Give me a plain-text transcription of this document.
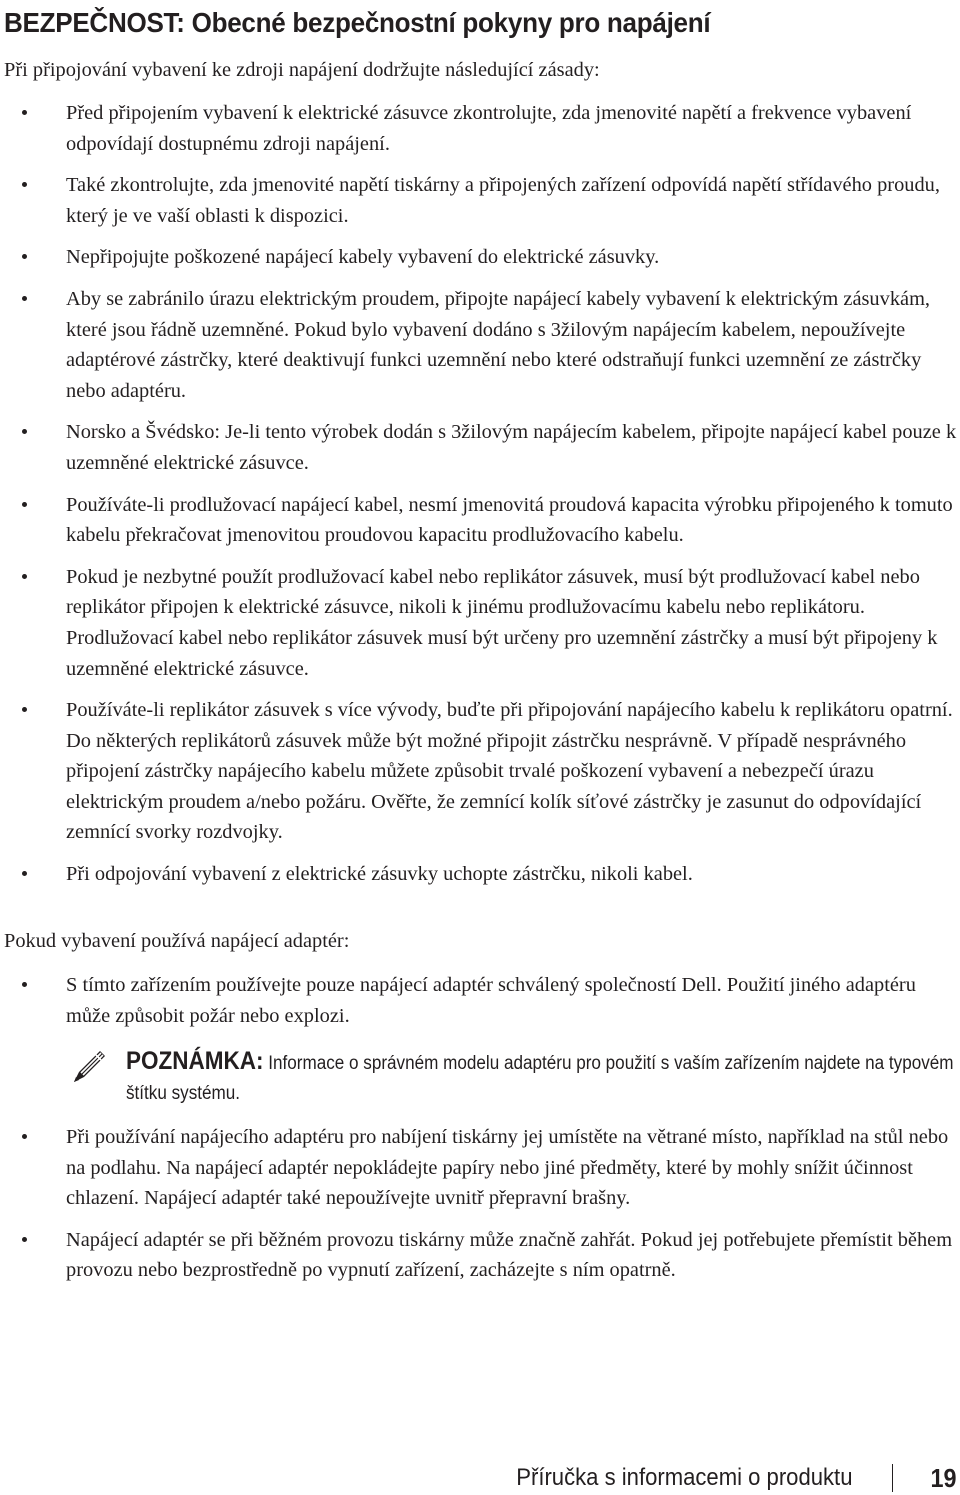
BEZPEČNOST: Obecné bezpečnostní pokyny pro napájení

Při připojování vybavení ke zdroji napájení dodržujte následující zásady:

Před připojením vybavení k elektrické zásuvce zkontrolujte, zda jmenovité napětí a frekvence vybavení odpovídají dostupnému zdroji napájení.
Také zkontrolujte, zda jmenovité napětí tiskárny a připojených zařízení odpovídá napětí střídavého proudu, který je ve vaší oblasti k dispozici.
Nepřipojujte poškozené napájecí kabely vybavení do elektrické zásuvky.
Aby se zabránilo úrazu elektrickým proudem, připojte napájecí kabely vybavení k elektrickým zásuvkám, které jsou řádně uzemněné. Pokud bylo vybavení dodáno s 3žilovým napájecím kabelem, nepoužívejte adaptérové zástrčky, které deaktivují funkci uzemnění nebo které odstraňují funkci uzemnění ze zástrčky nebo adaptéru.
Norsko a Švédsko: Je-li tento výrobek dodán s 3žilovým napájecím kabelem, připojte napájecí kabel pouze k uzemněné elektrické zásuvce.
Používáte-li prodlužovací napájecí kabel, nesmí jmenovitá proudová kapacita výrobku připojeného k tomuto kabelu překračovat jmenovitou proudovou kapacitu prodlužovacího kabelu.
Pokud je nezbytné použít prodlužovací kabel nebo replikátor zásuvek, musí být prodlužovací kabel nebo replikátor připojen k elektrické zásuvce, nikoli k jinému prodlužovacímu kabelu nebo replikátoru. Prodlužovací kabel nebo replikátor zásuvek musí být určeny pro uzemnění zástrčky a musí být připojeny k uzemněné elektrické zásuvce.
Používáte-li replikátor zásuvek s více vývody, buďte při připojování napájecího kabelu k replikátoru opatrní. Do některých replikátorů zásuvek může být možné připojit zástrčku nesprávně. V případě nesprávného připojení zástrčky napájecího kabelu můžete způsobit trvalé poškození vybavení a nebezpečí úrazu elektrickým proudem a/nebo požáru. Ověřte, že zemnící kolík síťové zástrčky je zasunut do odpovídající zemnící svorky rozdvojky.
Při odpojování vybavení z elektrické zásuvky uchopte zástrčku, nikoli kabel.

Pokud vybavení používá napájecí adaptér:

S tímto zařízením používejte pouze napájecí adaptér schválený společností Dell. Použití jiného adaptéru může způsobit požár nebo explozi.
POZNÁMKA: Informace o správném modelu adaptéru pro použití s vaším zařízením najdete na typovém štítku systému.
Při používání napájecího adaptéru pro nabíjení tiskárny jej umístěte na větrané místo, například na stůl nebo na podlahu. Na napájecí adaptér nepokládejte papíry nebo jiné předměty, které by mohly snížit účinnost chlazení. Napájecí adaptér také nepoužívejte uvnitř přepravní brašny.
Napájecí adaptér se při běžném provozu tiskárny může značně zahřát. Pokud jej potřebujete přemístit během provozu nebo bezprostředně po vypnutí zařízení, zacházejte s ním opatrně.
Příručka s informacemi o produktu	19
